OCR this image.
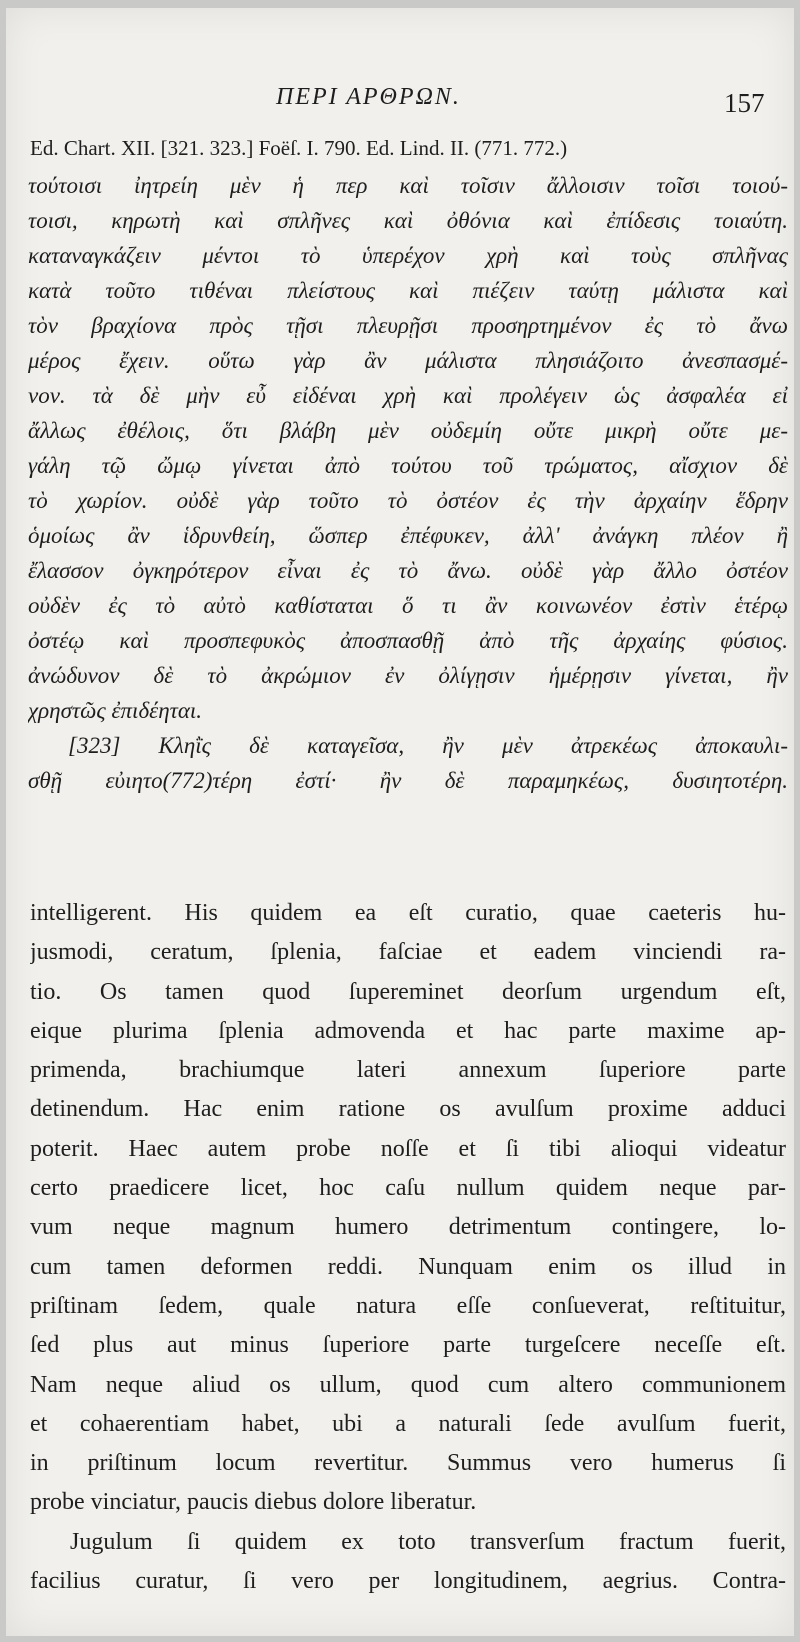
ΠΕΡΙ ΑΡΘΡΩΝ.	157
Ed. Chart. XII. [321. 323.] Foëſ. I. 790. Ed. Lind. II. (771. 772.)
τούτοισι ἰητρείη μὲν ἡ περ καὶ τοῖσιν ἄλλοισιν τοῖσι τοιού-
τοισι, κηρωτὴ καὶ σπλῆνες καὶ ὀθόνια καὶ ἐπίδεσις τοιαύτη.
καταναγκάζειν μέντοι τὸ ὑπερέχον χρὴ καὶ τοὺς σπλῆνας
κατὰ τοῦτο τιθέναι πλείστους καὶ πιέζειν ταύτῃ μάλιστα καὶ
τὸν βραχίονα πρὸς τῇσι πλευρῇσι προσηρτημένον ἐς τὸ ἄνω
μέρος ἔχειν. οὕτω γὰρ ἂν μάλιστα πλησιάζοιτο ἀνεσπασμέ-
νον. τὰ δὲ μὴν εὖ εἰδέναι χρὴ καὶ προλέγειν ὡς ἀσφαλέα εἰ
ἄλλως ἐθέλοις, ὅτι βλάβη μὲν οὐδεμίη οὔτε μικρὴ οὔτε με-
γάλη τῷ ὤμῳ γίνεται ἀπὸ τούτου τοῦ τρώματος, αἴσχιον δὲ
τὸ χωρίον. οὐδὲ γὰρ τοῦτο τὸ ὀστέον ἐς τὴν ἀρχαίην ἕδρην
ὁμοίως ἂν ἱδρυνθείη, ὥσπερ ἐπέφυκεν, ἀλλ' ἀνάγκη πλέον ἢ
ἔλασσον ὀγκηρότερον εἶναι ἐς τὸ ἄνω. οὐδὲ γὰρ ἄλλο ὀστέον
οὐδὲν ἐς τὸ αὐτὸ καθίσταται ὅ τι ἂν κοινωνέον ἐστὶν ἑτέρῳ
ὀστέῳ καὶ προσπεφυκὸς ἀποσπασθῇ ἀπὸ τῆς ἀρχαίης φύσιος.
ἀνώδυνον δὲ τὸ ἀκρώμιον ἐν ὀλίγῃσιν ἡμέρῃσιν γίνεται, ἢν
χρηστῶς ἐπιδέηται.
[323] Κληῒς δὲ καταγεῖσα, ἢν μὲν ἀτρεκέως ἀποκαυλι-
σθῇ εὐιητο(772)τέρη ἐστί· ἢν δὲ παραμηκέως, δυσιητοτέρη.
intelligerent. His quidem ea eſt curatio, quae caeteris hu-
jusmodi, ceratum, ſplenia, faſciae et eadem vinciendi ra-
tio. Os tamen quod ſupereminet deorſum urgendum eſt,
eique plurima ſplenia admovenda et hac parte maxime ap-
primenda, brachiumque lateri annexum ſuperiore parte
detinendum. Hac enim ratione os avulſum proxime adduci
poterit. Haec autem probe noſſe et ſi tibi alioqui videatur
certo praedicere licet, hoc caſu nullum quidem neque par-
vum neque magnum humero detrimentum contingere, lo-
cum tamen deformen reddi. Nunquam enim os illud in
priſtinam ſedem, quale natura eſſe conſueverat, reſtituitur,
ſed plus aut minus ſuperiore parte turgeſcere neceſſe eſt.
Nam neque aliud os ullum, quod cum altero communionem
et cohaerentiam habet, ubi a naturali ſede avulſum fuerit,
in priſtinum locum revertitur. Summus vero humerus ſi
probe vinciatur, paucis diebus dolore liberatur.
Jugulum ſi quidem ex toto transverſum fractum fuerit,
facilius curatur, ſi vero per longitudinem, aegrius. Contra-
